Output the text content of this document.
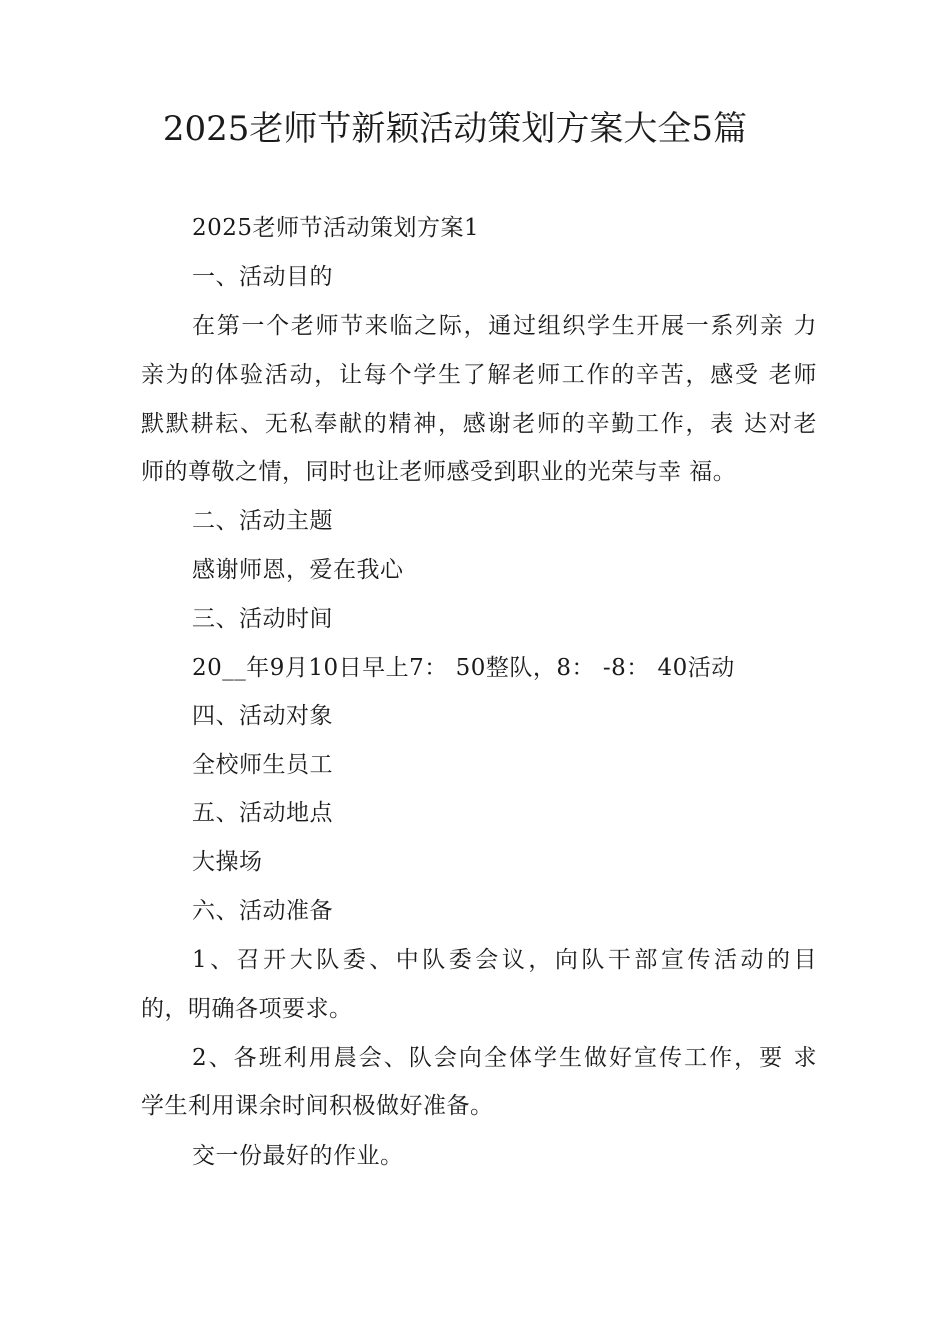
2025老师节新颖活动策划方案大全5篇
2025老师节活动策划方案1
一、活动目的
在第一个老师节来临之际，通过组织学生开展一系列亲 力
亲为的体验活动，让每个学生了解老师工作的辛苦，感受 老师
默默耕耘、无私奉献的精神，感谢老师的辛勤工作，表 达对老
师的尊敬之情，同时也让老师感受到职业的光荣与幸 福。
二、活动主题
感谢师恩，爱在我心
三、活动时间
20__年9月10日早上7： 50整队，8： -8： 40活动
四、活动对象
全校师生员工
五、活动地点
大操场
六、活动准备
1、召开大队委、中队委会议，向队干部宣传活动的目
的，明确各项要求。
2、各班利用晨会、队会向全体学生做好宣传工作，要 求
学生利用课余时间积极做好准备。
交一份最好的作业。
